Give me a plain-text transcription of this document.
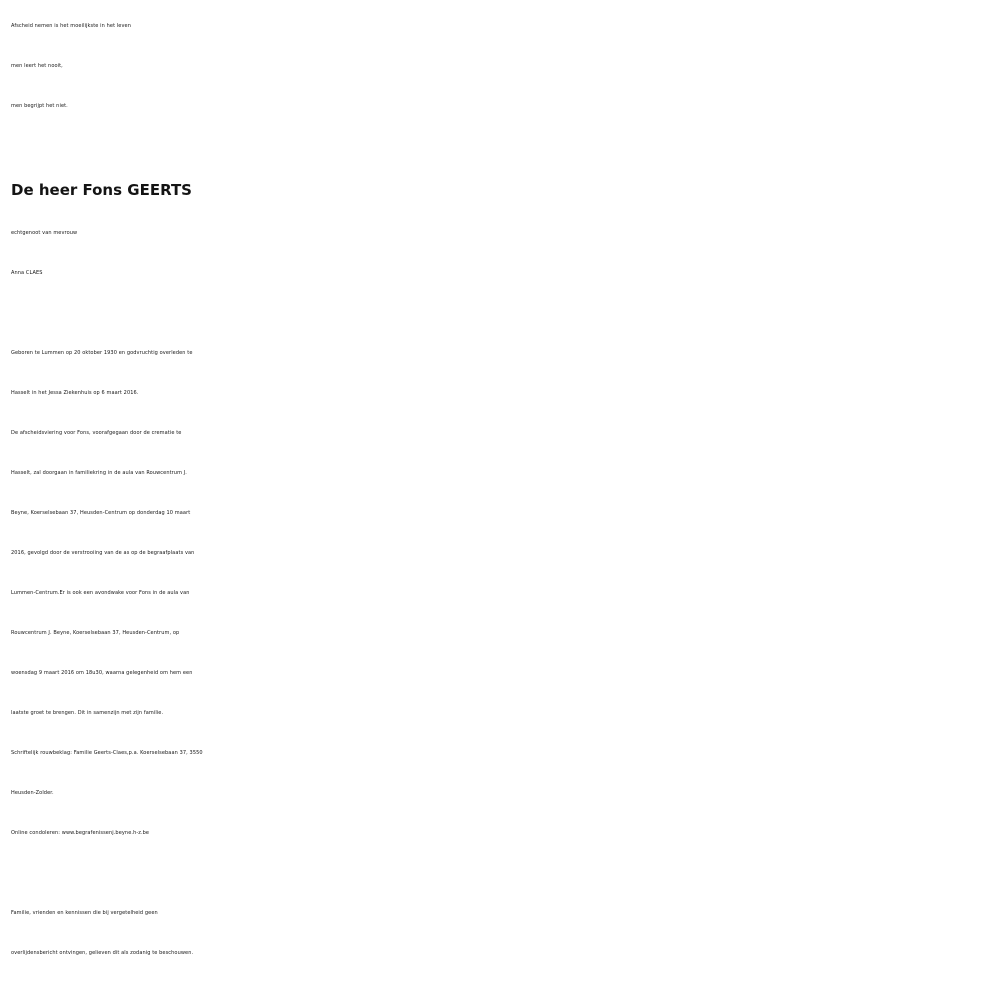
Afscheid nemen is het moeilijkste in het leven
men leert het nooit,
men begrijpt het niet.
De heer Fons GEERTS
echtgenoot van mevrouw
Anna CLAES
Geboren te Lummen op 20 oktober 1930 en godvruchtig overleden te
Hasselt in het Jessa Ziekenhuis op 6 maart 2016.
De afscheidsviering voor Fons, voorafgegaan door de crematie te
Hasselt, zal doorgaan in familiekring in de aula van Rouwcentrum J.
Beyne, Koerselsebaan 37, Heusden-Centrum op donderdag 10 maart
2016, gevolgd door de verstrooiing van de as op de begraafplaats van
Lummen-Centrum.Er is ook een avondwake voor Fons in de aula van
Rouwcentrum J. Beyne, Koerselsebaan 37, Heusden-Centrum, op
woensdag 9 maart 2016 om 18u30, waarna gelegenheid om hem een
laatste groet te brengen. Dit in samenzijn met zijn familie.
Schriftelijk rouwbeklag: Familie Geerts-Claes,p.a. Koerselsebaan 37, 3550
Heusden-Zolder.
Online condoleren: www.begrafenissenj.beyne.h-z.be
Familie, vrienden en kennissen die bij vergetelheid geen
overlijdensbericht ontvingen, gelieven dit als zodanig te beschouwen.
